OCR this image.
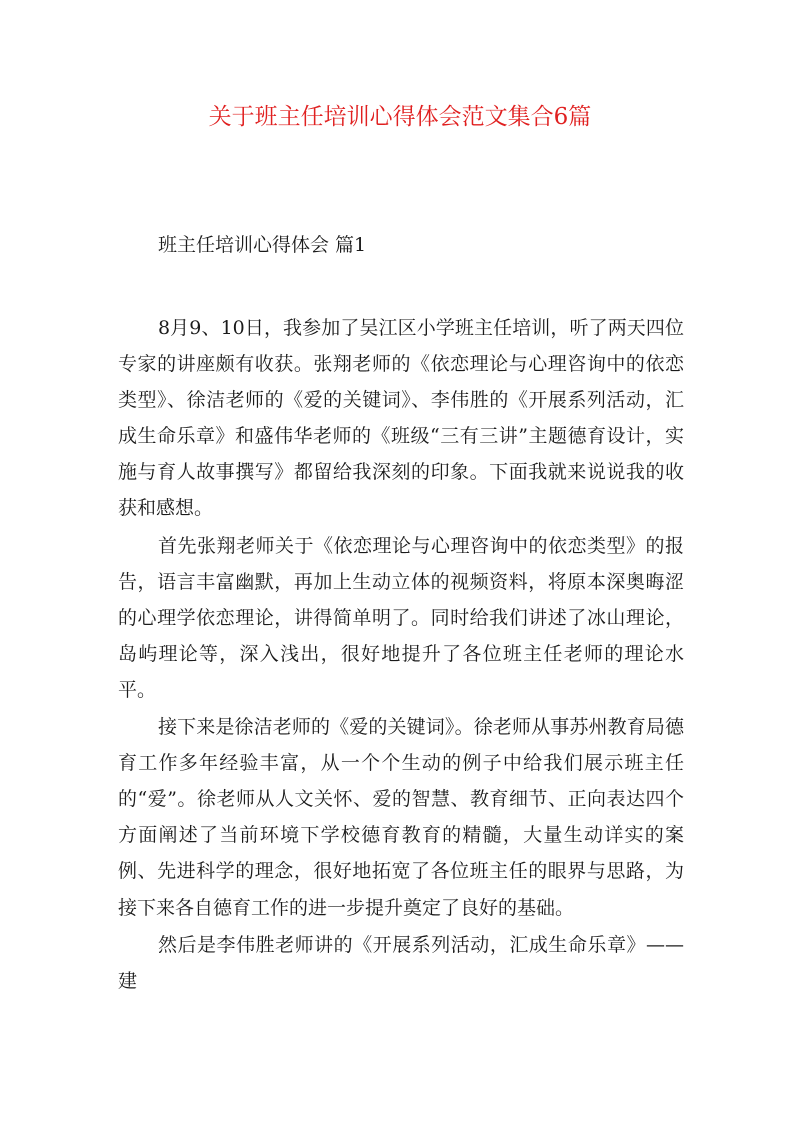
关于班主任培训心得体会范文集合6篇
班主任培训心得体会 篇1

8月9、10日，我参加了吴江区小学班主任培训，听了两天四位专家的讲座颇有收获。张翔老师的《依恋理论与心理咨询中的依恋类型》、徐洁老师的《爱的关键词》、李伟胜的《开展系列活动，汇成生命乐章》和盛伟华老师的《班级“三有三讲”主题德育设计，实施与育人故事撰写》都留给我深刻的印象。下面我就来说说我的收获和感想。

首先张翔老师关于《依恋理论与心理咨询中的依恋类型》的报告，语言丰富幽默，再加上生动立体的视频资料，将原本深奥晦涩的心理学依恋理论，讲得简单明了。同时给我们讲述了冰山理论，岛屿理论等，深入浅出，很好地提升了各位班主任老师的理论水平。

接下来是徐洁老师的《爱的关键词》。徐老师从事苏州教育局德育工作多年经验丰富，从一个个生动的例子中给我们展示班主任的“爱”。徐老师从人文关怀、爱的智慧、教育细节、正向表达四个方面阐述了当前环境下学校德育教育的精髓，大量生动详实的案例、先进科学的理念，很好地拓宽了各位班主任的眼界与思路，为接下来各自德育工作的进一步提升奠定了良好的基础。

然后是李伟胜老师讲的《开展系列活动，汇成生命乐章》——建
